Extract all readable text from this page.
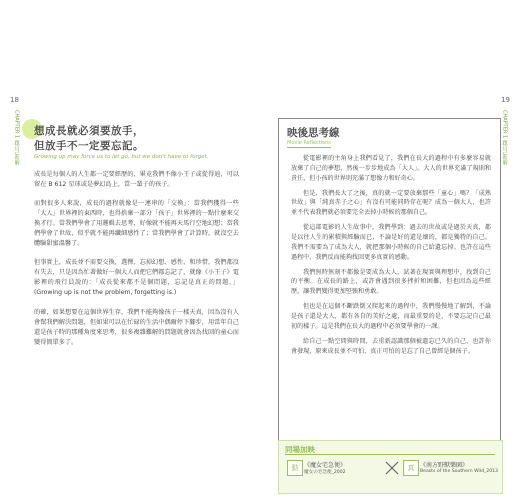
18
CHAPTER 1
跟自己和解
想成長就必須要放手，
但放手不一定要忘記。
Growing up may force us to let go, but we don't have to forget.

成長是每個人的人生都一定要經歷的，畢竟我們不像小王子或從得迪，可以留在 B 612 星球或是夢幻島上，當一輩子的孩子。

而對很多人來說，成長的過程就像是一連串的「交換」：當我們獲得一些「大人」世界裡的東西時，也得捨棄一部分「孩子」世界裡的一點什麼來交換才行。當我們學會了用邏輯去思考，好像就不能再天馬行空地幻想；當我們學會了世故，似乎就不能再纖細感性了；當我們學會了計算時，就沒空去體驗甜蜜溫馨了。

但事實上，成長並不需要交換，選擇、忘掉幻想、感性、和珍惜，我們都沒有失去，只是因為忙著做好一個大人而把它們都忘記了，就像《小王子》電影裡的飛行員說的：「成長從來都不是個問題，忘記是真正的問題。」(Growing up is not the problem, forgetting is.)

的確，如果想要在這個世界生存，我們不能夠像孩子一樣天真，因為沒有人會幫我們解決問題，但如果可以在忙碌的生活中偶爾停下腳步，用當年自己還是孩子時的那種角度來思考，很多複雜難解的問題就會因為找回的童心而變得簡單多了。

19
CHAPTER 1
跟自己和解
映後思考線
Movie Reflections

從電影裡的主角身上我們看見了，我們在長大的過程中有多麼容易就放棄了自己的夢想，然後一步步地成為「大人」。大人的世界充滿了規則和責任，但小孩的世界則充滿了想像力和好奇心。

但是，我們長大了之後，真的就一定要放棄那些「童心」嗎？「成熟世故」與「純真赤子之心」有沒有可能同時存在呢？成為一個大人，也許並不代表我們就必須要完全丟掉小時候的那個自己。

從這部電影的人生故事中，我們學到：過去的世故或是過於天真，都是以往人生的累積與經驗而已，不論是好的還是壞的，都是獨特的自己。我們不需要為了成為大人，就把那個小時候的自己給遺忘掉。也許在這些過程中，我們反而能夠找回更多真實的感動。

我們無時無刻不都像是要成為大人，試著在現實與理想中，找到自己的平衡。在成長的路上，或許會遇到很多挫折和困難，但也因為這些經歷，讓我們變得更加堅強和勇敢。

但也是在這個不斷跌倒又爬起來的過程中，我們慢慢地了解到，不論是孩子還是大人，都有各自的美好之處，而最重要的是，不要忘記自己最初的樣子。這是我們在長大的過程中必須要學會的一課。

給自己一點空間與時間，去重新認識那個被遺忘已久的自己，也許你會發現，原來成長並不可怕，真正可怕的是忘了自己曾經是個孩子。

同場加映
動 《魔女宅急便》
魔女の宅急便_2002
真 《南方野獸樂園》
Beasts of the Southern Wild_2013
